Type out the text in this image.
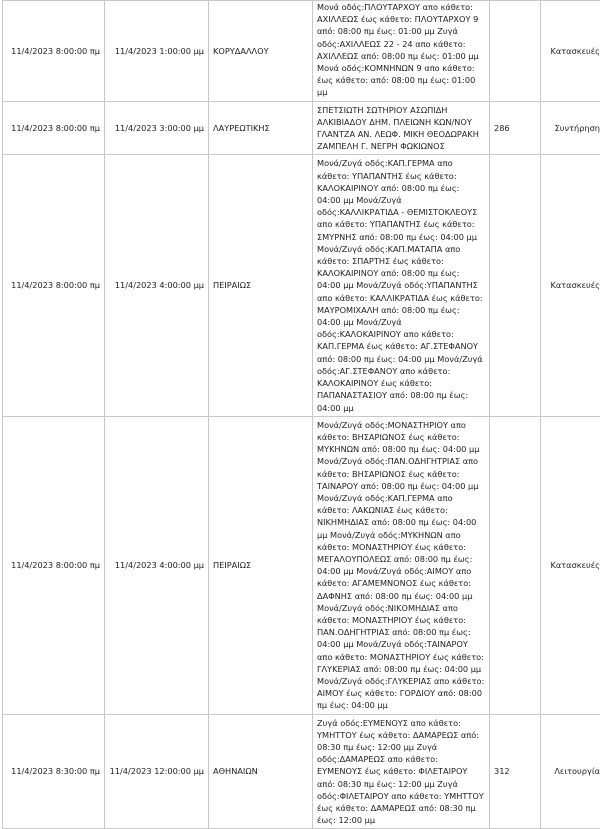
11/4/2023 8:00:00 πμ	11/4/2023 1:00:00 μμ	ΚΟΡΥΔΑΛΛΟΥ	Μονά οδός:ΠΛΟΥΤΑΡΧΟΥ απο κάθετο: ΑΧΙΛΛΕΩΣ έως κάθετο: ΠΛΟΥΤΑΡΧΟΥ 9 από: 08:00 πμ έως: 01:00 μμ Ζυγά οδός:ΑΧΙΛΛΕΩΣ 22 - 24 απο κάθετο: ΑΧΙΛΛΕΩΣ από: 08:00 πμ έως: 01:00 μμ Μονά οδός:ΚΟΜΝΗΝΩΝ 9 απο κάθετο: έως κάθετο: από: 08:00 πμ έως: 01:00 μμ		Κατασκευές
11/4/2023 8:00:00 πμ	11/4/2023 3:00:00 μμ	ΛΑΥΡΕΩΤΙΚΗΣ	ΣΠΕΤΣΙΩΤΗ ΣΩΤΗΡΙΟΥ ΑΣΩΠΙΔΗ ΑΛΚΙΒΙΑΔΟΥ ΔΗΜ. ΠΛΕΙΩΝΗ ΚΩΝ/ΝΟΥ ΓΛΑΝΤΖΑ ΑΝ. ΛΕΩΦ. ΜΙΚΗ ΘΕΟΔΩΡΑΚΗ ΖΑΜΠΕΛΗ Γ. ΝΕΓΡΗ ΦΩΚΙΩΝΟΣ	286	Συντήρηση
11/4/2023 8:00:00 πμ	11/4/2023 4:00:00 μμ	ΠΕΙΡΑΙΩΣ	Μονά/Ζυγά οδός:ΚΑΠ.ΓΕΡΜΑ απο κάθετο: ΥΠΑΠΑΝΤΗΣ έως κάθετο: ΚΑΛΟΚΑΙΡΙΝΟΥ από: 08:00 πμ έως: 04:00 μμ Μονά/Ζυγά οδός:ΚΑΛΛΙΚΡΑΤΙΔΑ - ΘΕΜΙΣΤΟΚΛΕΟΥΣ απο κάθετο: ΥΠΑΠΑΝΤΗΣ έως κάθετο: ΣΜΥΡΝΗΣ από: 08:00 πμ έως: 04:00 μμ Μονά/Ζυγά οδός:ΚΑΠ.ΜΑΤΑΠΑ απο κάθετο: ΣΠΑΡΤΗΣ έως κάθετο: ΚΑΛΟΚΑΙΡΙΝΟΥ από: 08:00 πμ έως: 04:00 μμ Μονά/Ζυγά οδός:ΥΠΑΠΑΝΤΗΣ απο κάθετο: ΚΑΛΛΙΚΡΑΤΙΔΑ έως κάθετο: ΜΑΥΡΟΜΙΧΑΛΗ από: 08:00 πμ έως: 04:00 μμ Μονά/Ζυγά οδός:ΚΑΛΟΚΑΙΡΙΝΟΥ απο κάθετο: ΚΑΠ.ΓΕΡΜΑ έως κάθετο: ΑΓ.ΣΤΕΦΑΝΟΥ από: 08:00 πμ έως: 04:00 μμ Μονά/Ζυγά οδός:ΑΓ.ΣΤΕΦΑΝΟΥ απο κάθετο: ΚΑΛΟΚΑΙΡΙΝΟΥ έως κάθετο: ΠΑΠΑΝΑΣΤΑΣΙΟΥ από: 08:00 πμ έως: 04:00 μμ		Κατασκευές
11/4/2023 8:00:00 πμ	11/4/2023 4:00:00 μμ	ΠΕΙΡΑΙΩΣ	Μονά/Ζυγά οδός:ΜΟΝΑΣΤΗΡΙΟΥ απο κάθετο: ΒΗΣΑΡΙΩΝΟΣ έως κάθετο: ΜΥΚΗΝΩΝ από: 08:00 πμ έως: 04:00 μμ Μονά/Ζυγά οδός:ΠΑΝ.ΟΔΗΓΗΤΡΙΑΣ απο κάθετο: ΒΗΣΑΡΙΩΝΟΣ έως κάθετο: ΤΑΙΝΑΡΟΥ από: 08:00 πμ έως: 04:00 μμ Μονά/Ζυγά οδός:ΚΑΠ.ΓΕΡΜΑ απο κάθετο: ΛΑΚΩΝΙΑΣ έως κάθετο: ΝΙΚΗΜΗΔΙΑΣ από: 08:00 πμ έως: 04:00 μμ Μονά/Ζυγά οδός:ΜΥΚΗΝΩΝ απο κάθετο: ΜΟΝΑΣΤΗΡΙΟΥ έως κάθετο: ΜΕΓΑΛΟΥΠΟΛΕΩΣ από: 08:00 πμ έως: 04:00 μμ Μονά/Ζυγά οδός:ΑΙΜΟΥ απο κάθετο: ΑΓΑΜΕΜΝΟΝΟΣ έως κάθετο: ΔΑΦΝΗΣ από: 08:00 πμ έως: 04:00 μμ Μονά/Ζυγά οδός:ΝΙΚΟΜΗΔΙΑΣ απο κάθετο: ΜΟΝΑΣΤΗΡΙΟΥ έως κάθετο: ΠΑΝ.ΟΔΗΓΗΤΡΙΑΣ από: 08:00 πμ έως: 04:00 μμ Μονά/Ζυγά οδός:ΤΑΙΝΑΡΟΥ απο κάθετο: ΜΟΝΑΣΤΗΡΙΟΥ έως κάθετο: ΓΛΥΚΕΡΙΑΣ από: 08:00 πμ έως: 04:00 μμ Μονά/Ζυγά οδός:ΓΛΥΚΕΡΙΑΣ απο κάθετο: ΑΙΜΟΥ έως κάθετο: ΓΟΡΔΙΟΥ από: 08:00 πμ έως: 04:00 μμ		Κατασκευές
11/4/2023 8:30:00 πμ	11/4/2023 12:00:00 μμ	ΑΘΗΝΑΙΩΝ	Ζυγά οδός:ΕΥΜΕΝΟΥΣ απο κάθετο: ΥΜΗΤΤΟΥ έως κάθετο: ΔΑΜΑΡΕΩΣ από: 08:30 πμ έως: 12:00 μμ Ζυγά οδός:ΔΑΜΑΡΕΩΣ απο κάθετο: ΕΥΜΕΝΟΥΣ έως κάθετο: ΦΙΛΕΤΑΙΡΟΥ από: 08:30 πμ έως: 12:00 μμ Ζυγά οδός:ΦΙΛΕΤΑΙΡΟΥ απο κάθετο: ΥΜΗΤΤΟΥ έως κάθετο: ΔΑΜΑΡΕΩΣ από: 08:30 πμ έως: 12:00 μμ	312	Λειτουργία
